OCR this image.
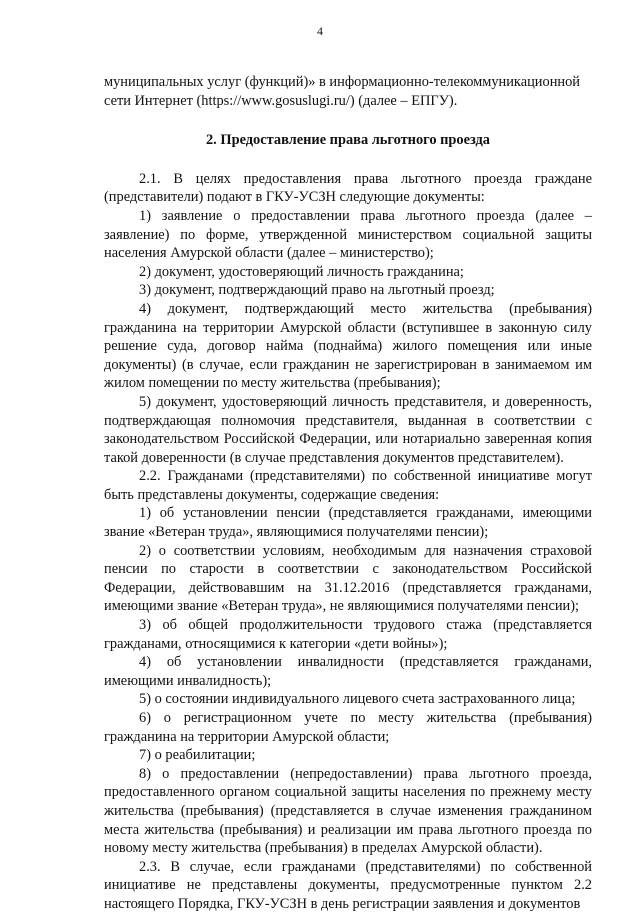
4

муниципальных услуг (функций)» в информационно-телекоммуникационной

сети Интернет (https://www.gosuslugi.ru/) (далее – ЕПГУ).

2. Предоставление права льготного проезда

2.1. В целях предоставления права льготного проезда граждане (представители) подают в ГКУ-УСЗН следующие документы:

1) заявление о предоставлении права льготного проезда (далее – заявление) по форме, утвержденной министерством социальной защиты населения Амурской области (далее – министерство);

2) документ, удостоверяющий личность гражданина;

3) документ, подтверждающий право на льготный проезд;

4) документ, подтверждающий место жительства (пребывания) гражданина на территории Амурской области (вступившее в законную силу решение суда, договор найма (поднайма) жилого помещения или иные документы) (в случае, если гражданин не зарегистрирован в занимаемом им жилом помещении по месту жительства (пребывания);

5) документ, удостоверяющий личность представителя, и доверенность, подтверждающая полномочия представителя, выданная в соответствии с законодательством Российской Федерации, или нотариально заверенная копия такой доверенности (в случае представления документов представителем).

2.2. Гражданами (представителями) по собственной инициативе могут быть представлены документы, содержащие сведения:

1) об установлении пенсии (представляется гражданами, имеющими звание «Ветеран труда», являющимися получателями пенсии);

2) о соответствии условиям, необходимым для назначения страховой пенсии по старости в соответствии с законодательством Российской Федерации, действовавшим на 31.12.2016 (представляется гражданами, имеющими звание «Ветеран труда», не являющимися получателями пенсии);

3) об общей продолжительности трудового стажа (представляется гражданами, относящимися к категории «дети войны»);

4) об установлении инвалидности (представляется гражданами, имеющими инвалидность);

5) о состоянии индивидуального лицевого счета застрахованного лица;

6) о регистрационном учете по месту жительства (пребывания) гражданина на территории Амурской области;

7) о реабилитации;

8) о предоставлении (непредоставлении) права льготного проезда, предоставленного органом социальной защиты населения по прежнему месту жительства (пребывания) (представляется в случае изменения гражданином места жительства (пребывания) и реализации им права льготного проезда по новому месту жительства (пребывания) в пределах Амурской области).

2.3. В случае, если гражданами (представителями) по собственной инициативе не представлены документы, предусмотренные пунктом 2.2 настоящего Порядка, ГКУ-УСЗН в день регистрации заявления и документов
